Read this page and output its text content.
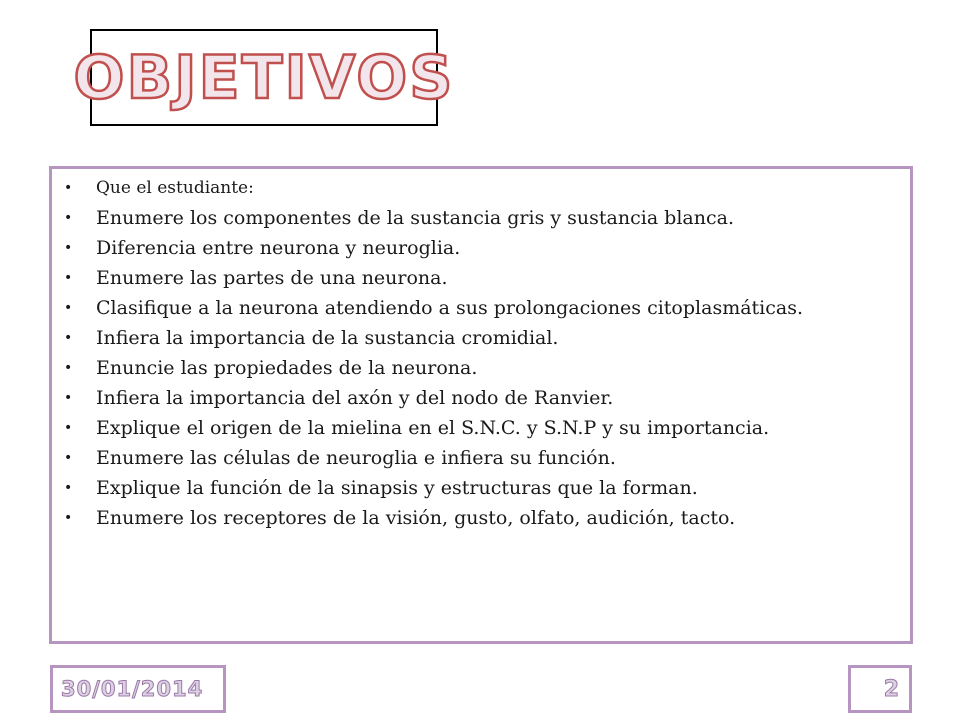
OBJETIVOS
•	Que el estudiante:
•	Enumere los componentes de la sustancia gris y sustancia blanca.
•	Diferencia entre neurona y neuroglia.
•	Enumere las partes de una neurona.
•	Clasifique a la neurona atendiendo a sus prolongaciones citoplasmáticas.
•	Infiera la importancia de la sustancia cromidial.
•	Enuncie las propiedades de la neurona.
•	Infiera la importancia del axón y del nodo de Ranvier.
•	Explique el origen de la mielina en el S.N.C. y S.N.P y su importancia.
•	Enumere las células de neuroglia e infiera su función.
•	Explique la función de la sinapsis y estructuras que la forman.
•	Enumere los receptores de la visión, gusto, olfato, audición, tacto.
30/01/2014	2
